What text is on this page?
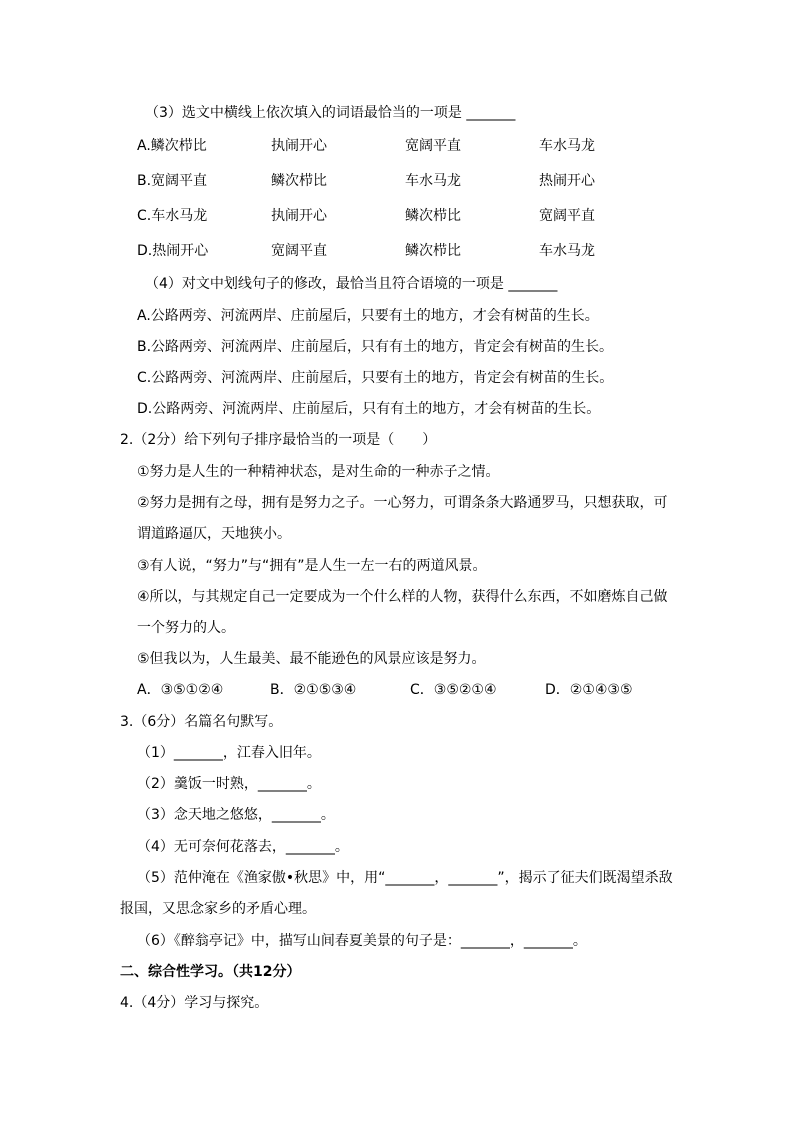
（3）选文中横线上依次填入的词语最恰当的一项是 _______
A.鳞次栉比	执闹开心	宽阔平直	车水马龙
B.宽阔平直	鳞次栉比	车水马龙	热闹开心
C.车水马龙	执闹开心	鳞次栉比	宽阔平直
D.热闹开心	宽阔平直	鳞次栉比	车水马龙
（4）对文中划线句子的修改，最恰当且符合语境的一项是 _______
A.公路两旁、河流两岸、庄前屋后，只要有土的地方，才会有树苗的生长。
B.公路两旁、河流两岸、庄前屋后，只有有土的地方，肯定会有树苗的生长。
C.公路两旁、河流两岸、庄前屋后，只要有土的地方，肯定会有树苗的生长。
D.公路两旁、河流两岸、庄前屋后，只有有土的地方，才会有树苗的生长。
2.（2分）给下列句子排序最恰当的一项是（　　）
①努力是人生的一种精神状态，是对生命的一种赤子之情。
②努力是拥有之母，拥有是努力之子。一心努力，可谓条条大路通罗马，只想获取，可
谓道路逼仄，天地狭小。
③有人说，“努力”与“拥有”是人生一左一右的两道风景。
④所以，与其规定自己一定要成为一个什么样的人物，获得什么东西，不如磨炼自己做
一个努力的人。
⑤但我以为，人生最美、最不能逊色的风景应该是努力。
A．③⑤①②④	B．②①⑤③④	C．③⑤②①④	D．②①④③⑤
3.（6分）名篇名句默写。
（1）_______，江春入旧年。
（2）羹饭一时熟，_______。
（3）念天地之悠悠，_______。
（4）无可奈何花落去，_______。
（5）范仲淹在《渔家傲•秋思》中，用“_______，_______”，揭示了征夫们既渴望杀敌
报国，又思念家乡的矛盾心理。
（6）《醉翁亭记》中，描写山间春夏美景的句子是：_______，_______。
二、综合性学习。（共12分）
4.（4分）学习与探究。
